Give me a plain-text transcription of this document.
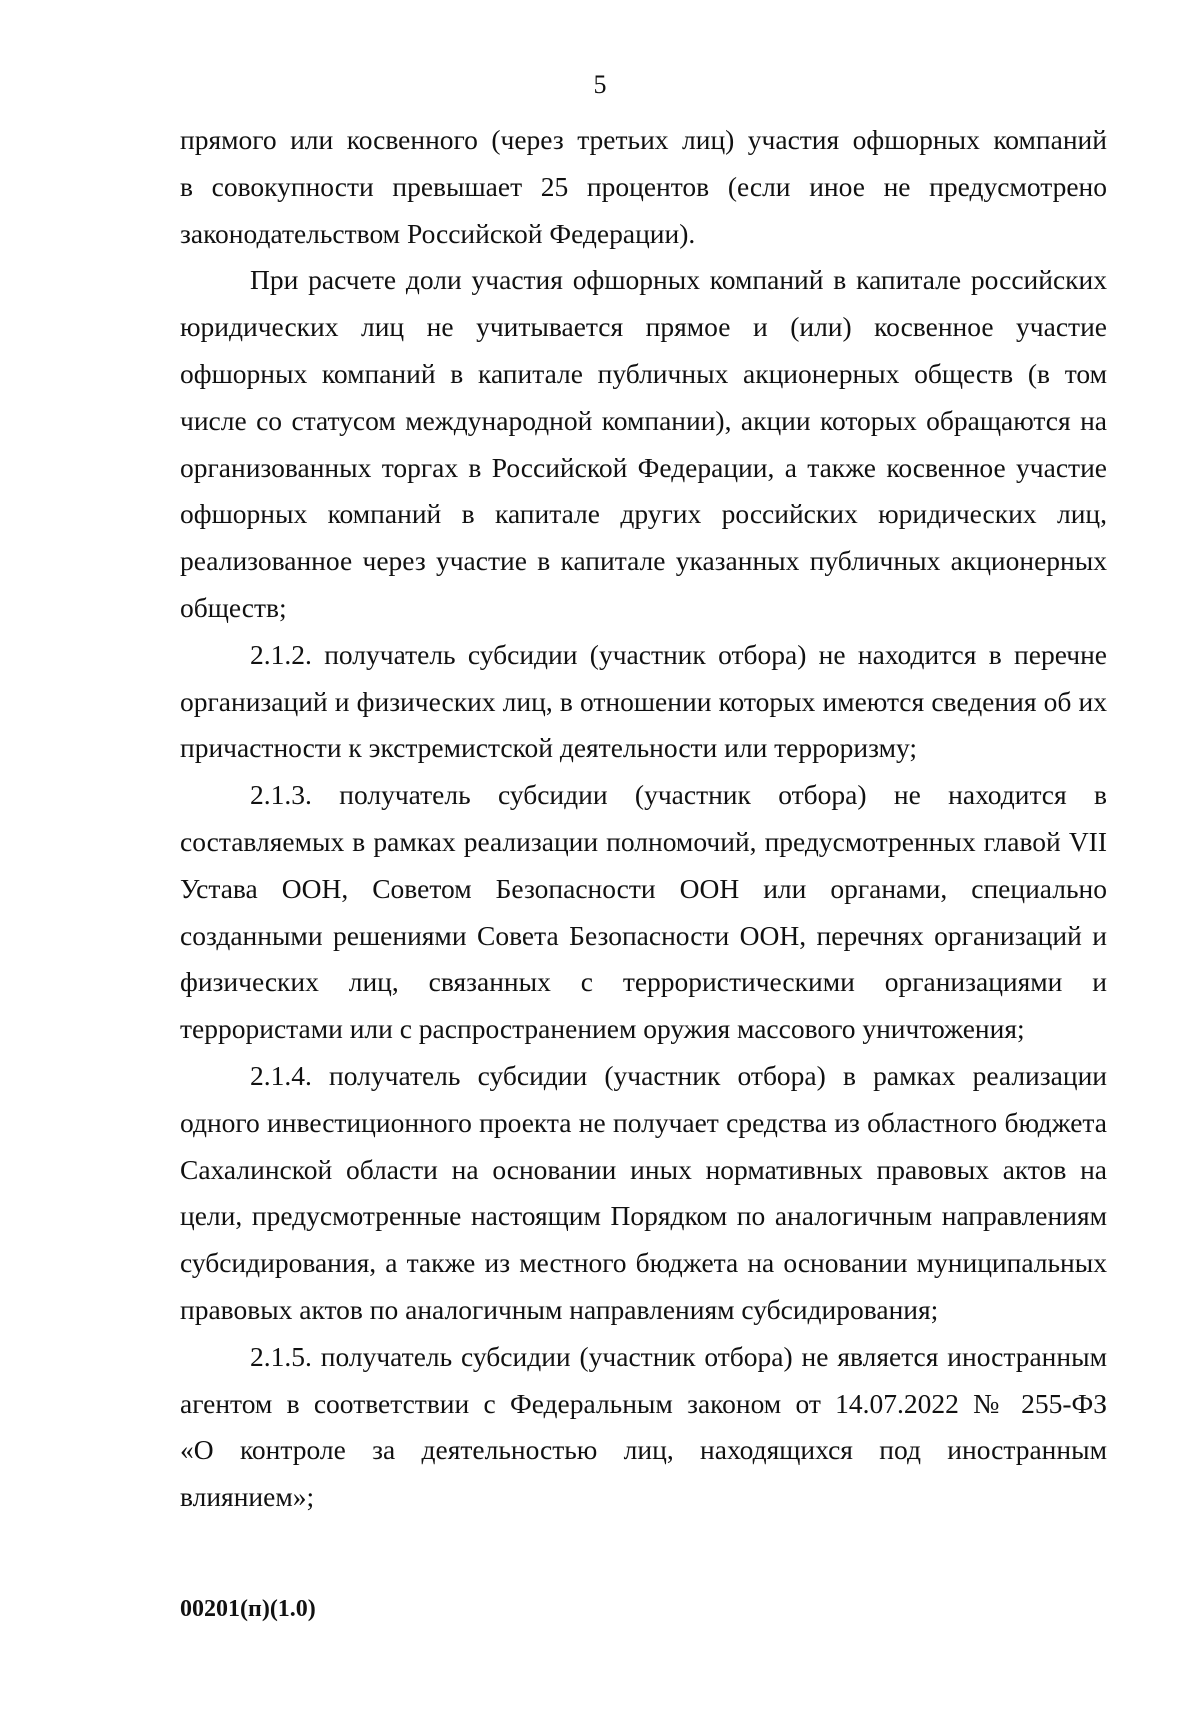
5
прямого или косвенного (через третьих лиц) участия офшорных компаний
в совокупности превышает 25 процентов (если иное не предусмотрено
законодательством Российской Федерации).
При расчете доли участия офшорных компаний в капитале российских
юридических лиц не учитывается прямое и (или) косвенное участие
офшорных компаний в капитале публичных акционерных обществ (в том
числе со статусом международной компании), акции которых обращаются на
организованных торгах в Российской Федерации, а также косвенное участие
офшорных компаний в капитале других российских юридических лиц,
реализованное через участие в капитале указанных публичных акционерных
обществ;
2.1.2. получатель субсидии (участник отбора) не находится в перечне
организаций и физических лиц, в отношении которых имеются сведения об их
причастности к экстремистской деятельности или терроризму;
2.1.3. получатель субсидии (участник отбора) не находится в
составляемых в рамках реализации полномочий, предусмотренных главой VII
Устава ООН, Советом Безопасности ООН или органами, специально
созданными решениями Совета Безопасности ООН, перечнях организаций и
физических лиц, связанных с террористическими организациями и
террористами или с распространением оружия массового уничтожения;
2.1.4. получатель субсидии (участник отбора) в рамках реализации
одного инвестиционного проекта не получает средства из областного бюджета
Сахалинской области на основании иных нормативных правовых актов на
цели, предусмотренные настоящим Порядком по аналогичным направлениям
субсидирования, а также из местного бюджета на основании муниципальных
правовых актов по аналогичным направлениям субсидирования;
2.1.5. получатель субсидии (участник отбора) не является иностранным
агентом в соответствии с Федеральным законом от 14.07.2022 № 255-ФЗ
«О контроле за деятельностью лиц, находящихся под иностранным
влиянием»;
00201(п)(1.0)
